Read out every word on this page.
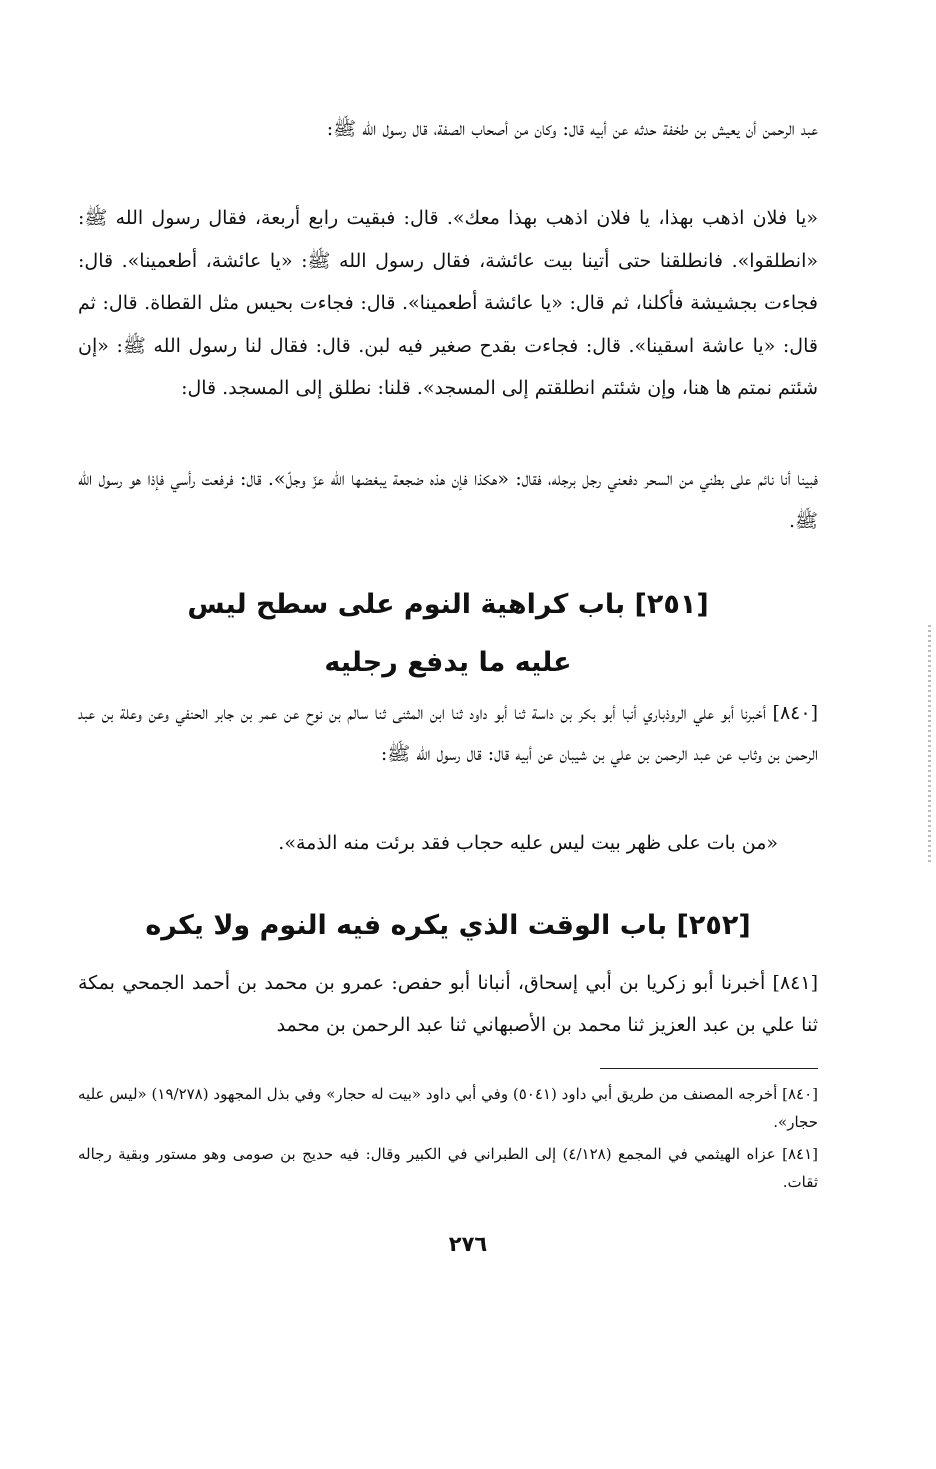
عبد الرحمن أن يعيش بن طخفة حدثه عن أبيه قال: وكان من أصحاب الصفة، قال رسول الله ﷺ:

«يا فلان اذهب بهذا، يا فلان اذهب بهذا معك». قال: فبقيت رابع أربعة، فقال رسول الله ﷺ: «انطلقوا». فانطلقنا حتى أتينا بيت عائشة، فقال رسول الله ﷺ: «يا عائشة، أطعمينا». قال: فجاءت بجشيشة فأكلنا، ثم قال: «يا عائشة أطعمينا». قال: فجاءت بحيس مثل القطاة. قال: ثم قال: «يا عاشة اسقينا». قال: فجاءت بقدح صغير فيه لبن. قال: فقال لنا رسول الله ﷺ: «إن شئتم نمتم ها هنا، وإن شئتم انطلقتم إلى المسجد». قلنا: نطلق إلى المسجد. قال:

فبينا أنا نائم على بطني من السحر دفعني رجل برجله، فقال: «هكذا فإن هذه ضجعة يبغضها الله عزّ وجلّ». قال: فرفعت رأسي فإذا هو رسول الله ﷺ.

[٢٥١] باب كراهية النوم على سطح ليس
عليه ما يدفع رجليه

[٨٤٠] أخبرنا أبو علي الروذباري أنبا أبو بكر بن داسة ثنا أبو داود ثنا ابن المثنى ثنا سالم بن نوح عن عمر بن جابر الحنفي وعن وعلة بن عبد الرحمن بن وثاب عن عبد الرحمن بن علي بن شيبان عن أبيه قال: قال رسول الله ﷺ:

«من بات على ظهر بيت ليس عليه حجاب فقد برئت منه الذمة».

[٢٥٢] باب الوقت الذي يكره فيه النوم ولا يكره

[٨٤١] أخبرنا أبو زكريا بن أبي إسحاق، أنبانا أبو حفص: عمرو بن محمد بن أحمد الجمحي بمكة ثنا علي بن عبد العزيز ثنا محمد بن الأصبهاني ثنا عبد الرحمن بن محمد

[٨٤٠] أخرجه المصنف من طريق أبي داود (٥٠٤١) وفي أبي داود «بيت له حجار» وفي بذل المجهود (١٩/٢٧٨) «ليس عليه حجار».

[٨٤١] عزاه الهيثمي في المجمع (٤/١٢٨) إلى الطبراني في الكبير وقال: فيه حديج بن صومى وهو مستور وبقية رجاله ثقات.

٢٧٦
